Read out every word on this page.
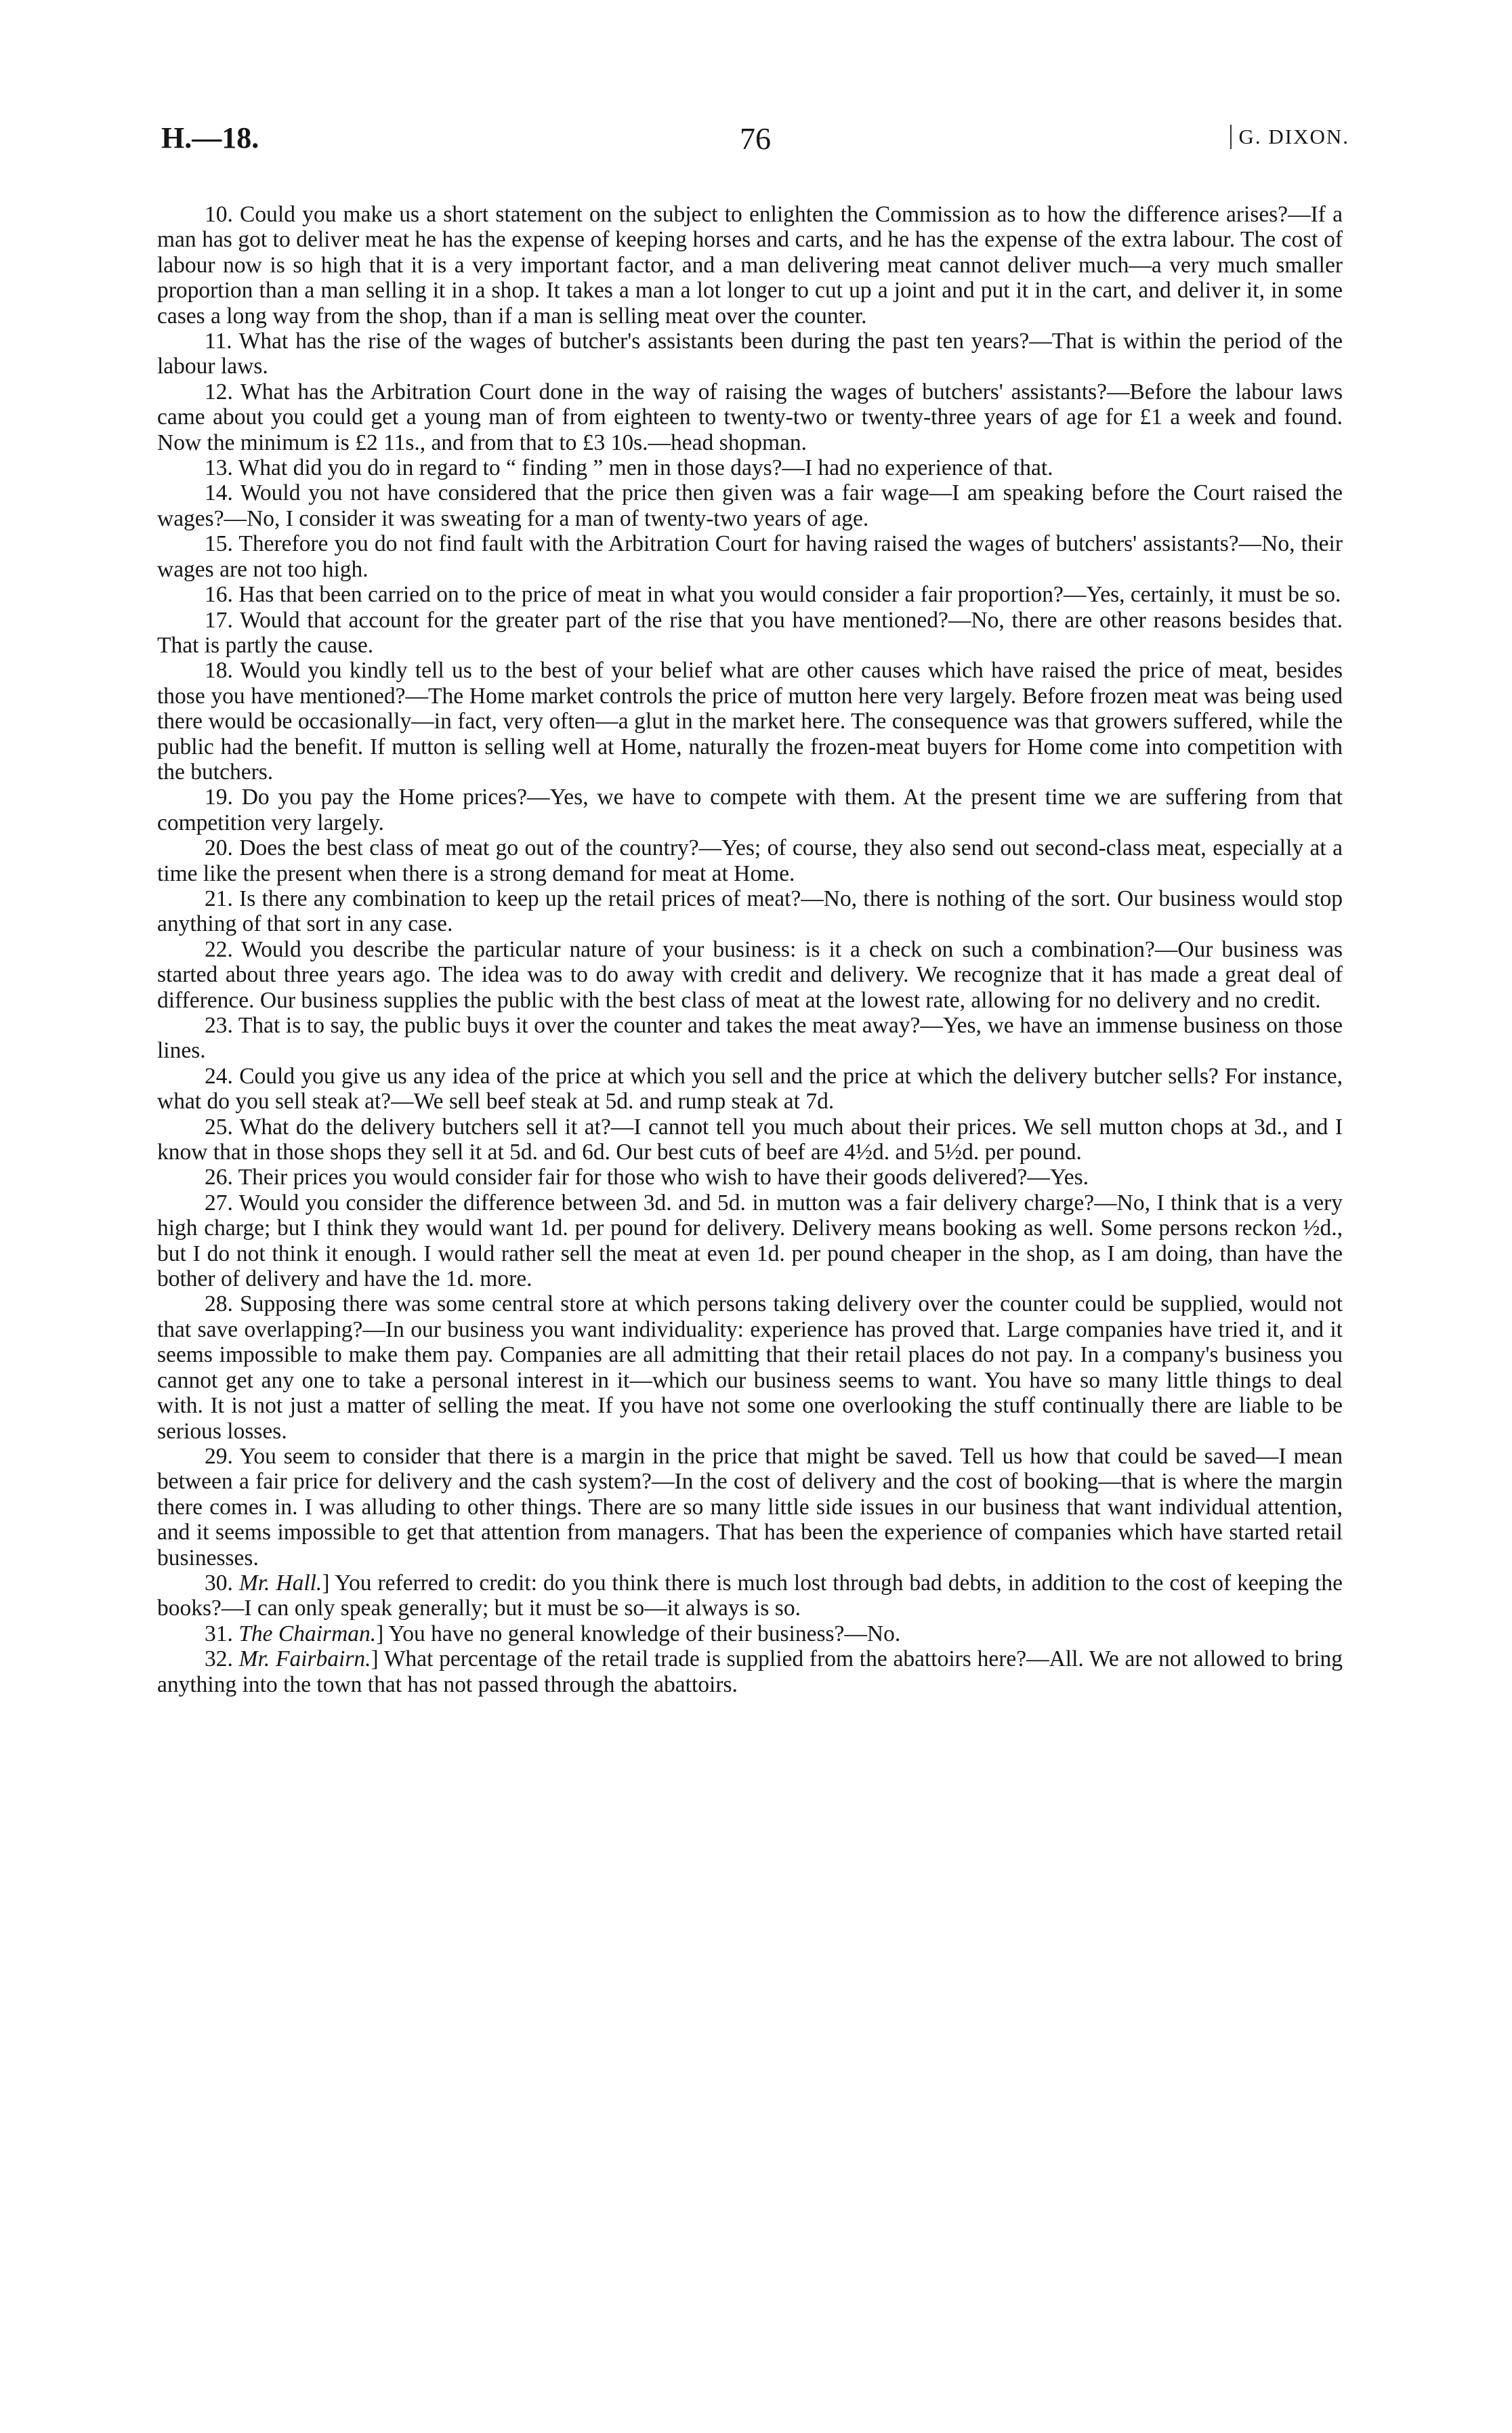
H.—18.	76	G. DIXON.

10. Could you make us a short statement on the subject to enlighten the Commission as to how the difference arises?—If a man has got to deliver meat he has the expense of keeping horses and carts, and he has the expense of the extra labour. The cost of labour now is so high that it is a very important factor, and a man delivering meat cannot deliver much—a very much smaller proportion than a man selling it in a shop. It takes a man a lot longer to cut up a joint and put it in the cart, and deliver it, in some cases a long way from the shop, than if a man is selling meat over the counter.

11. What has the rise of the wages of butcher's assistants been during the past ten years?—That is within the period of the labour laws.

12. What has the Arbitration Court done in the way of raising the wages of butchers' assistants?—Before the labour laws came about you could get a young man of from eighteen to twenty-two or twenty-three years of age for £1 a week and found. Now the minimum is £2 11s., and from that to £3 10s.—head shopman.

13. What did you do in regard to “ finding ” men in those days?—I had no experience of that.

14. Would you not have considered that the price then given was a fair wage—I am speaking before the Court raised the wages?—No, I consider it was sweating for a man of twenty-two years of age.

15. Therefore you do not find fault with the Arbitration Court for having raised the wages of butchers' assistants?—No, their wages are not too high.

16. Has that been carried on to the price of meat in what you would consider a fair proportion?—Yes, certainly, it must be so.

17. Would that account for the greater part of the rise that you have mentioned?—No, there are other reasons besides that. That is partly the cause.

18. Would you kindly tell us to the best of your belief what are other causes which have raised the price of meat, besides those you have mentioned?—The Home market controls the price of mutton here very largely. Before frozen meat was being used there would be occasionally—in fact, very often—a glut in the market here. The consequence was that growers suffered, while the public had the benefit. If mutton is selling well at Home, naturally the frozen-meat buyers for Home come into competition with the butchers.

19. Do you pay the Home prices?—Yes, we have to compete with them. At the present time we are suffering from that competition very largely.

20. Does the best class of meat go out of the country?—Yes; of course, they also send out second-class meat, especially at a time like the present when there is a strong demand for meat at Home.

21. Is there any combination to keep up the retail prices of meat?—No, there is nothing of the sort. Our business would stop anything of that sort in any case.

22. Would you describe the particular nature of your business: is it a check on such a combination?—Our business was started about three years ago. The idea was to do away with credit and delivery. We recognize that it has made a great deal of difference. Our business supplies the public with the best class of meat at the lowest rate, allowing for no delivery and no credit.

23. That is to say, the public buys it over the counter and takes the meat away?—Yes, we have an immense business on those lines.

24. Could you give us any idea of the price at which you sell and the price at which the delivery butcher sells? For instance, what do you sell steak at?—We sell beef steak at 5d. and rump steak at 7d.

25. What do the delivery butchers sell it at?—I cannot tell you much about their prices. We sell mutton chops at 3d., and I know that in those shops they sell it at 5d. and 6d. Our best cuts of beef are 4½d. and 5½d. per pound.

26. Their prices you would consider fair for those who wish to have their goods delivered?—Yes.

27. Would you consider the difference between 3d. and 5d. in mutton was a fair delivery charge?—No, I think that is a very high charge; but I think they would want 1d. per pound for delivery. Delivery means booking as well. Some persons reckon ½d., but I do not think it enough. I would rather sell the meat at even 1d. per pound cheaper in the shop, as I am doing, than have the bother of delivery and have the 1d. more.

28. Supposing there was some central store at which persons taking delivery over the counter could be supplied, would not that save overlapping?—In our business you want individuality: experience has proved that. Large companies have tried it, and it seems impossible to make them pay. Companies are all admitting that their retail places do not pay. In a company's business you cannot get any one to take a personal interest in it—which our business seems to want. You have so many little things to deal with. It is not just a matter of selling the meat. If you have not some one overlooking the stuff continually there are liable to be serious losses.

29. You seem to consider that there is a margin in the price that might be saved. Tell us how that could be saved—I mean between a fair price for delivery and the cash system?—In the cost of delivery and the cost of booking—that is where the margin there comes in. I was alluding to other things. There are so many little side issues in our business that want individual attention, and it seems impossible to get that attention from managers. That has been the experience of companies which have started retail businesses.

30. Mr. Hall.] You referred to credit: do you think there is much lost through bad debts, in addition to the cost of keeping the books?—I can only speak generally; but it must be so—it always is so.

31. The Chairman.] You have no general knowledge of their business?—No.

32. Mr. Fairbairn.] What percentage of the retail trade is supplied from the abattoirs here?—All. We are not allowed to bring anything into the town that has not passed through the abattoirs.
